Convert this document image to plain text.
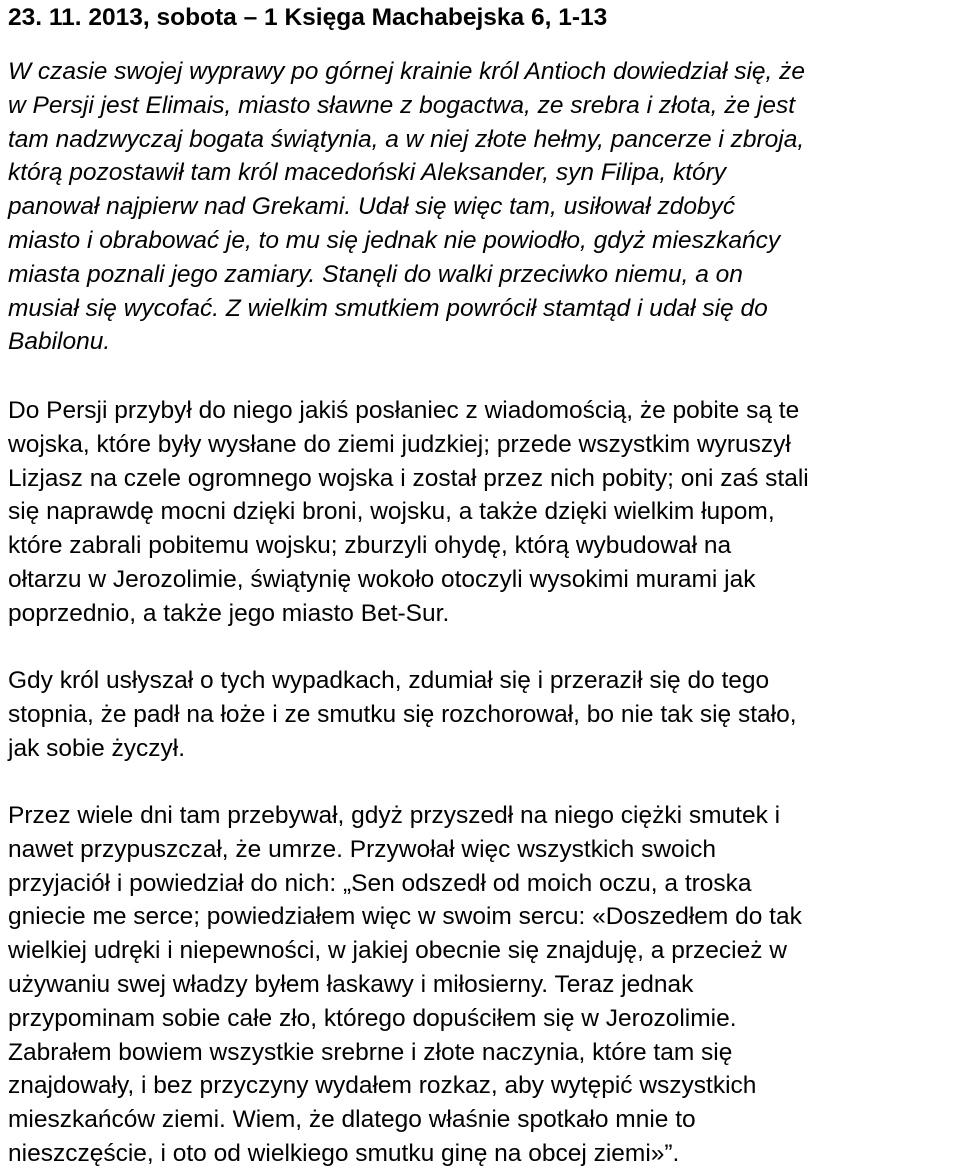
23. 11. 2013, sobota – 1 Księga Machabejska 6, 1-13
W czasie swojej wyprawy po górnej krainie król Antioch dowiedział się, że
w Persji jest Elimais, miasto sławne z bogactwa, ze srebra i złota, że jest
tam nadzwyczaj bogata świątynia, a w niej złote hełmy, pancerze i zbroja,
którą pozostawił tam król macedoński Aleksander, syn Filipa, który
panował najpierw nad Grekami. Udał się więc tam, usiłował zdobyć
miasto i obrabować je, to mu się jednak nie powiodło, gdyż mieszkańcy
miasta poznali jego zamiary. Stanęli do walki przeciwko niemu, a on
musiał się wycofać. Z wielkim smutkiem powrócił stamtąd i udał się do
Babilonu.
Do Persji przybył do niego jakiś posłaniec z wiadomością, że pobite są te
wojska, które były wysłane do ziemi judzkiej; przede wszystkim wyruszył
Lizjasz na czele ogromnego wojska i został przez nich pobity; oni zaś stali
się naprawdę mocni dzięki broni, wojsku, a także dzięki wielkim łupom,
które zabrali pobitemu wojsku; zburzyli ohydę, którą wybudował na
ołtarzu w Jerozolimie, świątynię wokoło otoczyli wysokimi murami jak
poprzednio, a także jego miasto Bet-Sur.
Gdy król usłyszał o tych wypadkach, zdumiał się i przeraził się do tego
stopnia, że padł na łoże i ze smutku się rozchorował, bo nie tak się stało,
jak sobie życzył.
Przez wiele dni tam przebywał, gdyż przyszedł na niego ciężki smutek i
nawet przypuszczał, że umrze. Przywołał więc wszystkich swoich
przyjaciół i powiedział do nich: „Sen odszedł od moich oczu, a troska
gniecie me serce; powiedziałem więc w swoim sercu: «Doszedłem do tak
wielkiej udręki i niepewności, w jakiej obecnie się znajduję, a przecież w
używaniu swej władzy byłem łaskawy i miłosierny. Teraz jednak
przypominam sobie całe zło, którego dopuściłem się w Jerozolimie.
Zabrałem bowiem wszystkie srebrne i złote naczynia, które tam się
znajdowały, i bez przyczyny wydałem rozkaz, aby wytępić wszystkich
mieszkańców ziemi. Wiem, że dlatego właśnie spotkało mnie to
nieszczęście, i oto od wielkiego smutku ginę na obcej ziemi»”.
